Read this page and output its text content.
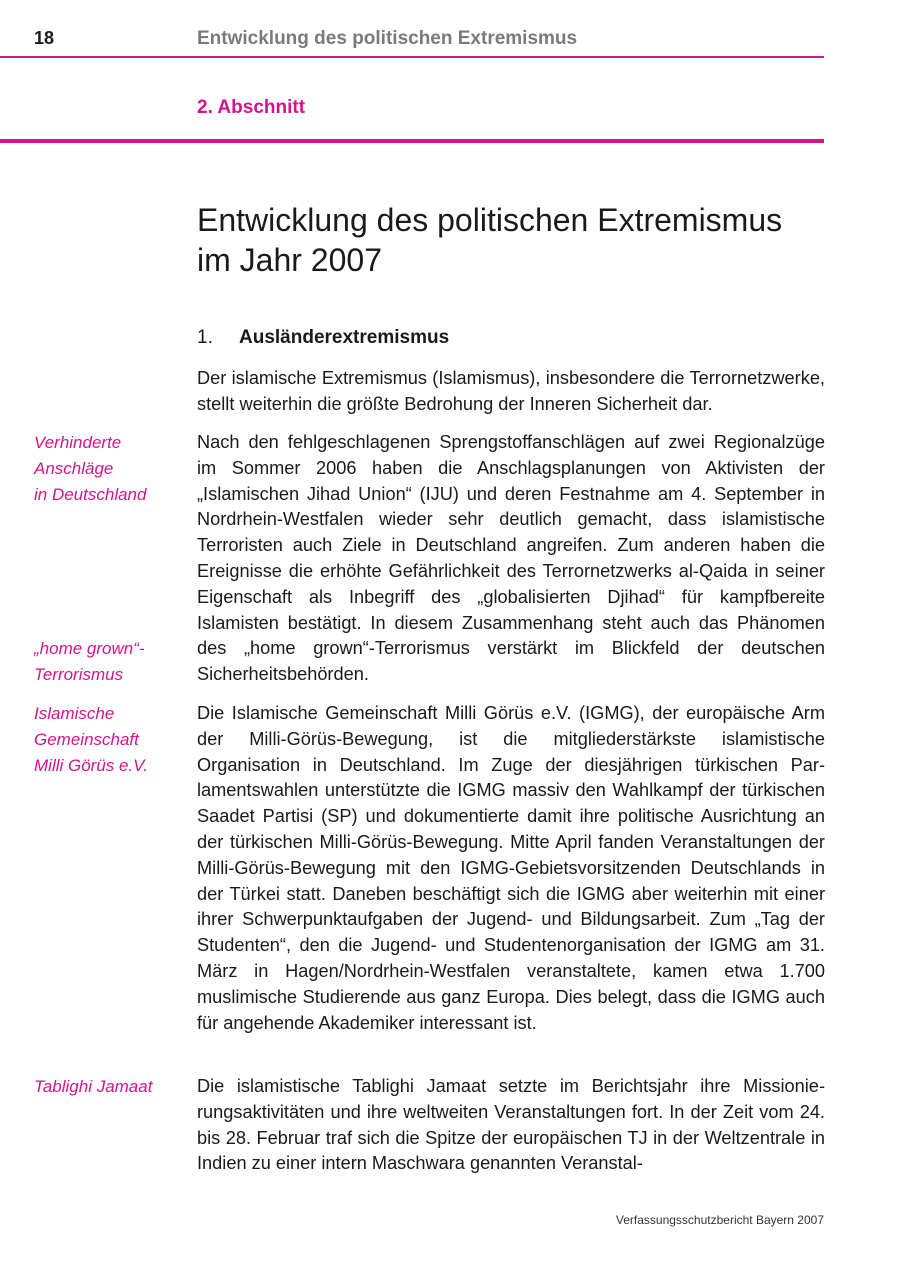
18	Entwicklung des politischen Extremismus
2. Abschnitt
Entwicklung des politischen Extremismus
im Jahr 2007
1. Ausländerextremismus

Der islamische Extremismus (Islamismus), insbesondere die Terrornetzwerke, stellt weiterhin die größte Bedrohung der Inneren Sicherheit dar.

Verhinderte
Anschläge
in Deutschland

Nach den fehlgeschlagenen Sprengstoffanschlägen auf zwei Regionalzüge im Sommer 2006 haben die Anschlagsplanungen von Aktivisten der „Islamischen Jihad Union“ (IJU) und deren Festnahme am 4. September in Nordrhein-Westfalen wieder sehr deutlich gemacht, dass islamistische Terroristen auch Ziele in Deutschland angreifen. Zum anderen haben die Ereignisse die erhöhte Gefährlichkeit des Terrornetzwerks al-Qaida in seiner Eigenschaft als Inbegriff des „globalisierten Djihad“ für kampfbereite Islamisten bestätigt. In diesem Zusammenhang steht auch das Phänomen des „home grown“-Terrorismus verstärkt im Blickfeld der deutschen Sicherheitsbehörden.

„home grown“-
Terrorismus
Islamische
Gemeinschaft
Milli Görüs e.V.

Die Islamische Gemeinschaft Milli Görüs e.V. (IGMG), der europäische Arm der Milli-Görüs-Bewegung, ist die mitgliederstärkste islamistische Organisation in Deutschland. Im Zuge der diesjährigen türkischen Parlamentswahlen unterstützte die IGMG massiv den Wahlkampf der türkischen Saadet Partisi (SP) und dokumentierte damit ihre politische Ausrichtung an der türkischen Milli-Görüs-Bewegung. Mitte April fanden Veranstaltungen der Milli-Görüs-Bewegung mit den IGMG-Gebietsvorsitzenden Deutschlands in der Türkei statt. Daneben beschäftigt sich die IGMG aber weiterhin mit einer ihrer Schwerpunktaufgaben der Jugend- und Bildungsarbeit. Zum „Tag der Studenten“, den die Jugend- und Studentenorganisation der IGMG am 31. März in Hagen/Nordrhein-Westfalen veranstaltete, kamen etwa 1.700 muslimische Studierende aus ganz Europa. Dies belegt, dass die IGMG auch für angehende Akademiker interessant ist.

Tablighi Jamaat	Die islamistische Tablighi Jamaat setzte im Berichtsjahr ihre Missionierungsaktivitäten und ihre weltweiten Veranstaltungen fort. In der Zeit vom 24. bis 28. Februar traf sich die Spitze der europäischen TJ in der Weltzentrale in Indien zu einer intern Maschwara genannten Veranstal-

Verfassungsschutzbericht Bayern 2007
